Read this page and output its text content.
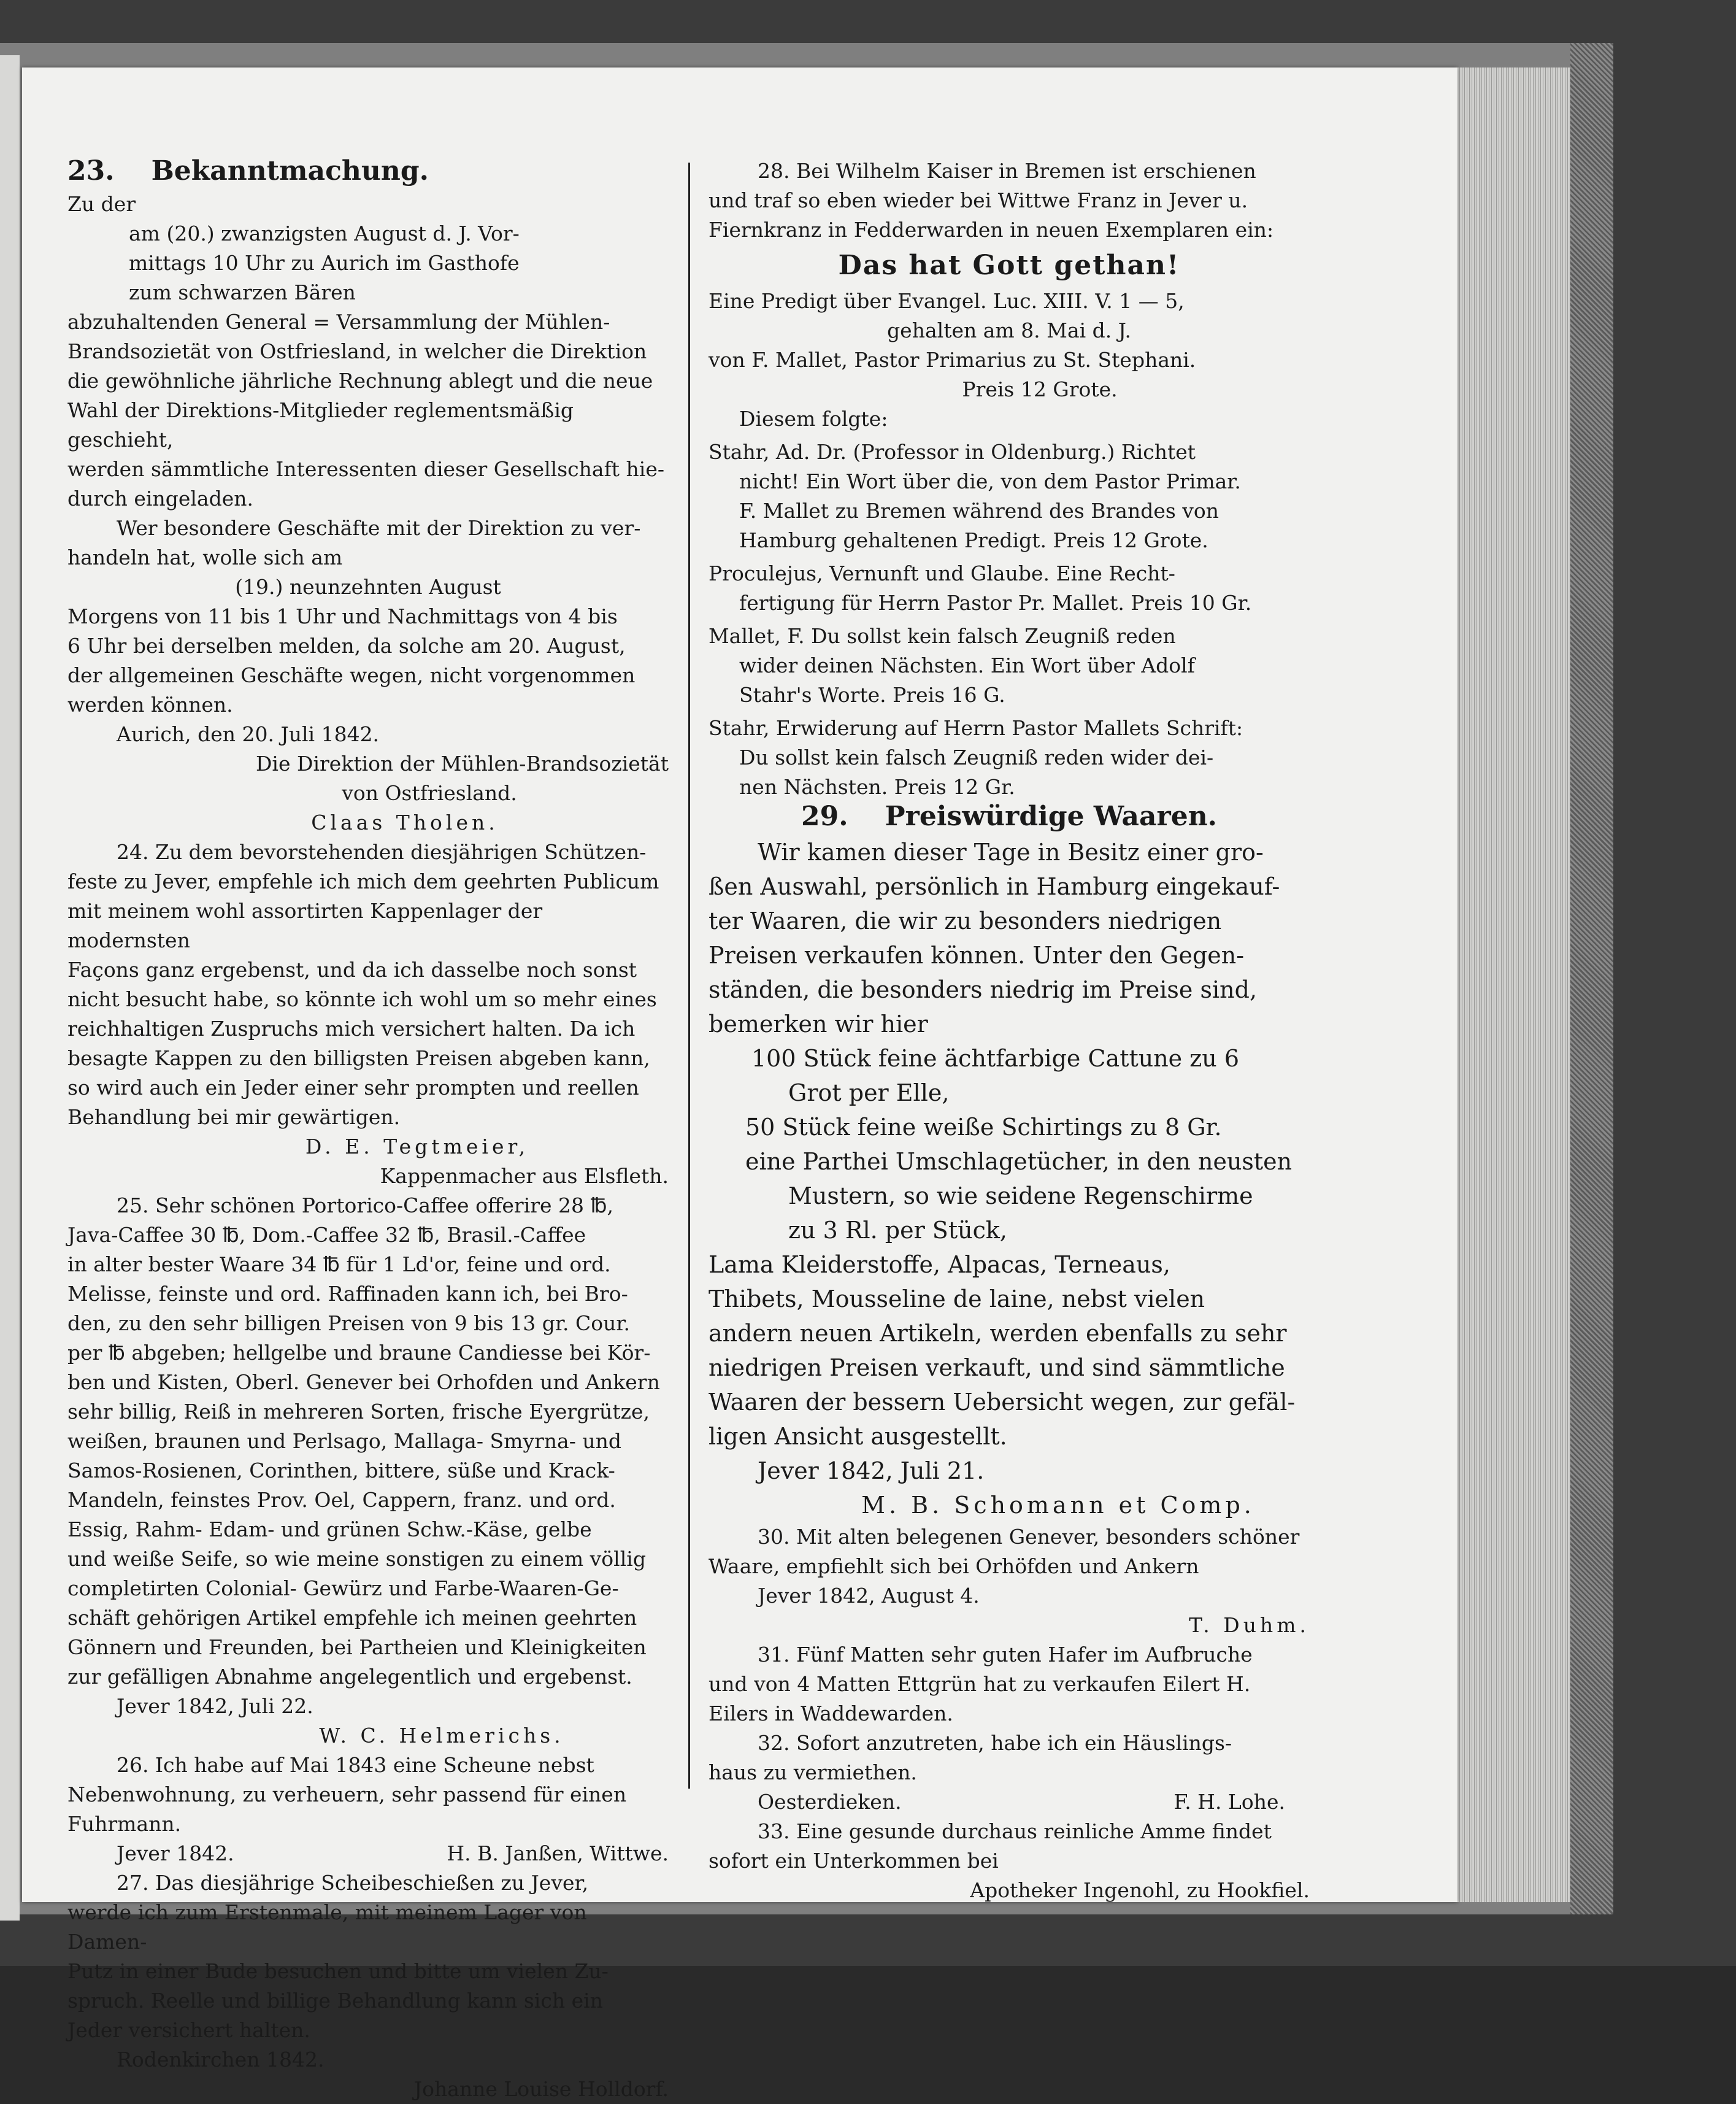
23. Bekanntmachung.
Zu der
am (20.) zwanzigsten August d. J. Vor-
mittags 10 Uhr zu Aurich im Gasthofe
zum schwarzen Bären
abzuhaltenden General = Versammlung der Mühlen-
Brandsozietät von Ostfriesland, in welcher die Direktion
die gewöhnliche jährliche Rechnung ablegt und die neue
Wahl der Direktions-Mitglieder reglementsmäßig geschieht,
werden sämmtliche Interessenten dieser Gesellschaft hie-
durch eingeladen.
Wer besondere Geschäfte mit der Direktion zu ver-
handeln hat, wolle sich am
(19.) neunzehnten August
Morgens von 11 bis 1 Uhr und Nachmittags von 4 bis
6 Uhr bei derselben melden, da solche am 20. August,
der allgemeinen Geschäfte wegen, nicht vorgenommen
werden können.
Aurich, den 20. Juli 1842.
Die Direktion der Mühlen-Brandsozietät
von Ostfriesland.
Claas Tholen.
24. Zu dem bevorstehenden diesjährigen Schützen-
feste zu Jever, empfehle ich mich dem geehrten Publicum
mit meinem wohl assortirten Kappenlager der modernsten
Façons ganz ergebenst, und da ich dasselbe noch sonst
nicht besucht habe, so könnte ich wohl um so mehr eines
reichhaltigen Zuspruchs mich versichert halten. Da ich
besagte Kappen zu den billigsten Preisen abgeben kann,
so wird auch ein Jeder einer sehr prompten und reellen
Behandlung bei mir gewärtigen.
D. E. Tegtmeier,
Kappenmacher aus Elsfleth.
25. Sehr schönen Portorico-Caffee offerire 28 ℔,
Java-Caffee 30 ℔, Dom.-Caffee 32 ℔, Brasil.-Caffee
in alter bester Waare 34 ℔ für 1 Ld'or, feine und ord.
Melisse, feinste und ord. Raffinaden kann ich, bei Bro-
den, zu den sehr billigen Preisen von 9 bis 13 gr. Cour.
per ℔ abgeben; hellgelbe und braune Candiesse bei Kör-
ben und Kisten, Oberl. Genever bei Orhofden und Ankern
sehr billig, Reiß in mehreren Sorten, frische Eyergrütze,
weißen, braunen und Perlsago, Mallaga- Smyrna- und
Samos-Rosienen, Corinthen, bittere, süße und Krack-
Mandeln, feinstes Prov. Oel, Cappern, franz. und ord.
Essig, Rahm- Edam- und grünen Schw.-Käse, gelbe
und weiße Seife, so wie meine sonstigen zu einem völlig
completirten Colonial- Gewürz und Farbe-Waaren-Ge-
schäft gehörigen Artikel empfehle ich meinen geehrten
Gönnern und Freunden, bei Partheien und Kleinigkeiten
zur gefälligen Abnahme angelegentlich und ergebenst.
Jever 1842, Juli 22.
W. C. Helmerichs.
26. Ich habe auf Mai 1843 eine Scheune nebst
Nebenwohnung, zu verheuern, sehr passend für einen
Fuhrmann.
Jever 1842.	H. B. Janßen, Wittwe.
27. Das diesjährige Scheibeschießen zu Jever,
werde ich zum Erstenmale, mit meinem Lager von Damen-
Putz in einer Bude besuchen und bitte um vielen Zu-
spruch. Reelle und billige Behandlung kann sich ein
Jeder versichert halten.
Rodenkirchen 1842.
Johanne Louise Holldorf.
28. Bei Wilhelm Kaiser in Bremen ist erschienen
und traf so eben wieder bei Wittwe Franz in Jever u.
Fiernkranz in Fedderwarden in neuen Exemplaren ein:
Das hat Gott gethan!
Eine Predigt über Evangel. Luc. XIII. V. 1 — 5,
gehalten am 8. Mai d. J.
von F. Mallet, Pastor Primarius zu St. Stephani.
Preis 12 Grote.
Diesem folgte:
Stahr, Ad. Dr. (Professor in Oldenburg.) Richtet
nicht! Ein Wort über die, von dem Pastor Primar.
F. Mallet zu Bremen während des Brandes von
Hamburg gehaltenen Predigt. Preis 12 Grote.
Proculejus, Vernunft und Glaube. Eine Recht-
fertigung für Herrn Pastor Pr. Mallet. Preis 10 Gr.
Mallet, F. Du sollst kein falsch Zeugniß reden
wider deinen Nächsten. Ein Wort über Adolf
Stahr's Worte. Preis 16 G.
Stahr, Erwiderung auf Herrn Pastor Mallets Schrift:
Du sollst kein falsch Zeugniß reden wider dei-
nen Nächsten. Preis 12 Gr.
29. Preiswürdige Waaren.
Wir kamen dieser Tage in Besitz einer gro-
ßen Auswahl, persönlich in Hamburg eingekauf-
ter Waaren, die wir zu besonders niedrigen
Preisen verkaufen können. Unter den Gegen-
ständen, die besonders niedrig im Preise sind,
bemerken wir hier
100 Stück feine ächtfarbige Cattune zu 6
Grot per Elle,
50 Stück feine weiße Schirtings zu 8 Gr.
eine Parthei Umschlagetücher, in den neusten
Mustern, so wie seidene Regenschirme
zu 3 Rl. per Stück,
Lama Kleiderstoffe, Alpacas, Terneaus,
Thibets, Mousseline de laine, nebst vielen
andern neuen Artikeln, werden ebenfalls zu sehr
niedrigen Preisen verkauft, und sind sämmtliche
Waaren der bessern Uebersicht wegen, zur gefäl-
ligen Ansicht ausgestellt.
Jever 1842, Juli 21.
M. B. Schomann et Comp.
30. Mit alten belegenen Genever, besonders schöner
Waare, empfiehlt sich bei Orhöfden und Ankern
Jever 1842, August 4.
T. Duhm.
31. Fünf Matten sehr guten Hafer im Aufbruche
und von 4 Matten Ettgrün hat zu verkaufen Eilert H.
Eilers in Waddewarden.
32. Sofort anzutreten, habe ich ein Häuslings-
haus zu vermiethen.
Oesterdieken.	F. H. Lohe.
33. Eine gesunde durchaus reinliche Amme findet
sofort ein Unterkommen bei
Apotheker Ingenohl, zu Hookfiel.
